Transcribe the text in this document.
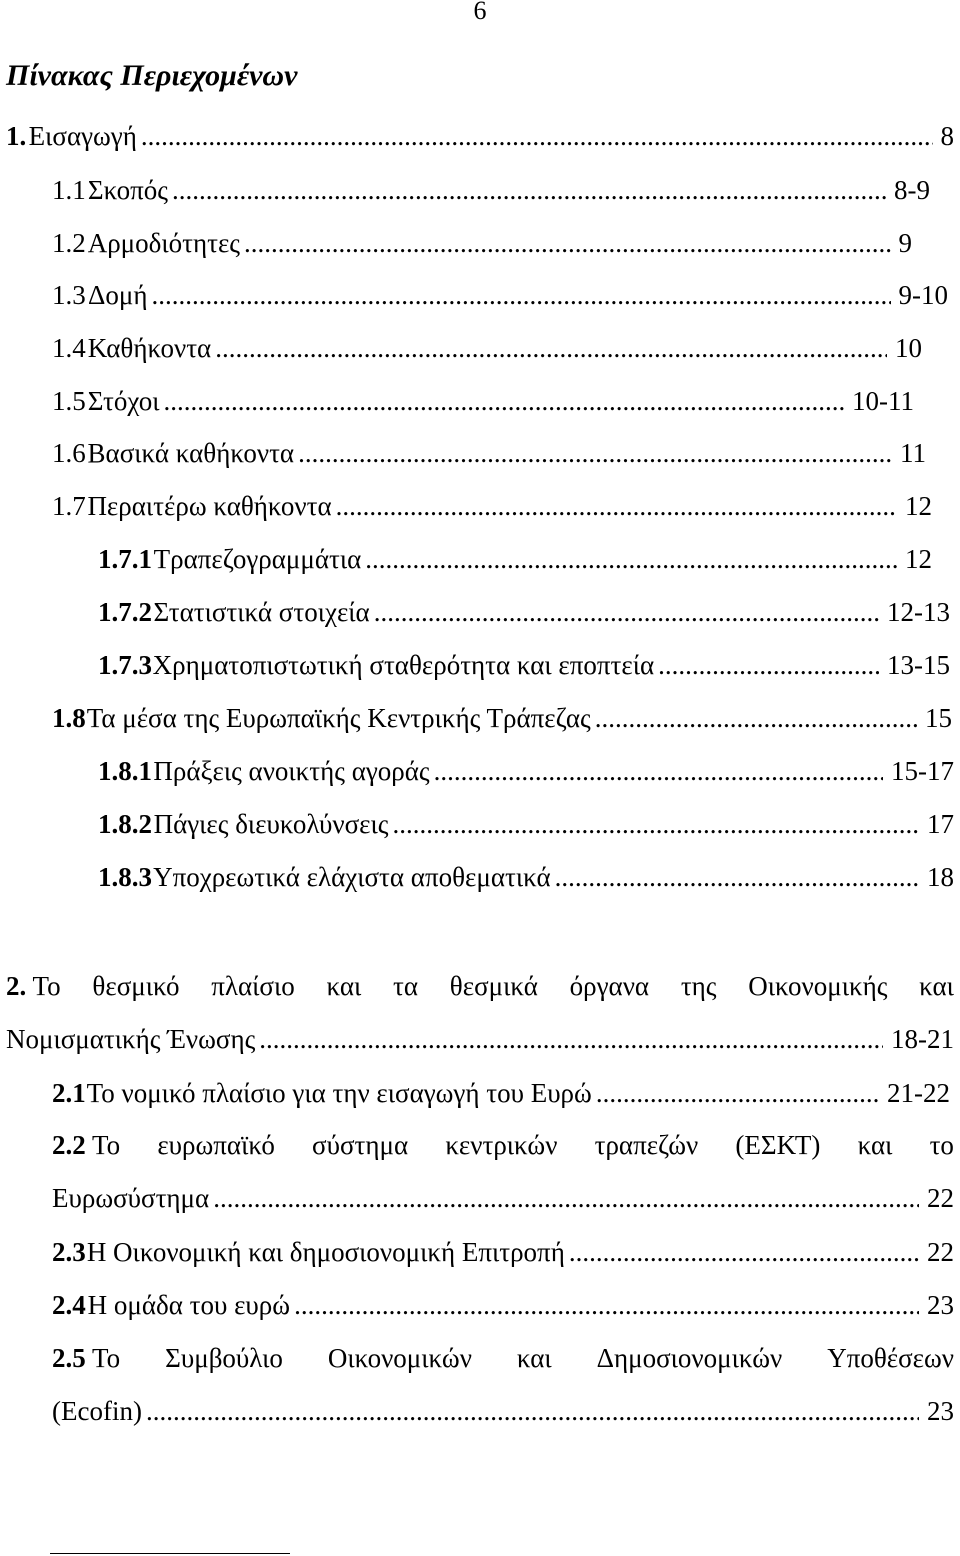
6
Πίνακας Περιεχομένων
1. Εισαγωγή .....	8
1.1 Σκοπός .....	8-9
1.2 Αρμοδιότητες .....	9
1.3 Δομή .....	9-10
1.4 Καθήκοντα .....	10
1.5 Στόχοι .....	10-11
1.6 Βασικά καθήκοντα .....	11
1.7 Περαιτέρω καθήκοντα .....	12
1.7.1 Τραπεζογραμμάτια .....	12
1.7.2 Στατιστικά στοιχεία .....	12-13
1.7.3 Χρηματοπιστωτική σταθερότητα και εποπτεία .....	13-15
1.8 Τα μέσα της Ευρωπαϊκής Κεντρικής Τράπεζας .....	15
1.8.1 Πράξεις ανοικτής αγοράς .....	15-17
1.8.2 Πάγιες διευκολύνσεις .....	17
1.8.3 Υποχρεωτικά ελάχιστα αποθεματικά .....	18
2. Το θεσμικό πλαίσιο και τα θεσμικά όργανα της Οικονομικής και
Νομισματικής Ένωσης .....	18-21
2.1 Το νομικό πλαίσιο για την εισαγωγή του Ευρώ .....	21-22
2.2 Το ευρωπαϊκό σύστημα κεντρικών τραπεζών (ΕΣΚΤ) και το
Ευρωσύστημα .....	22
2.3 Η Οικονομική και δημοσιονομική Επιτροπή .....	22
2.4 Η ομάδα του ευρώ .....	23
2.5 Το Συμβούλιο Οικονομικών και Δημοσιονομικών Υποθέσεων
(Ecofin) .....	23
